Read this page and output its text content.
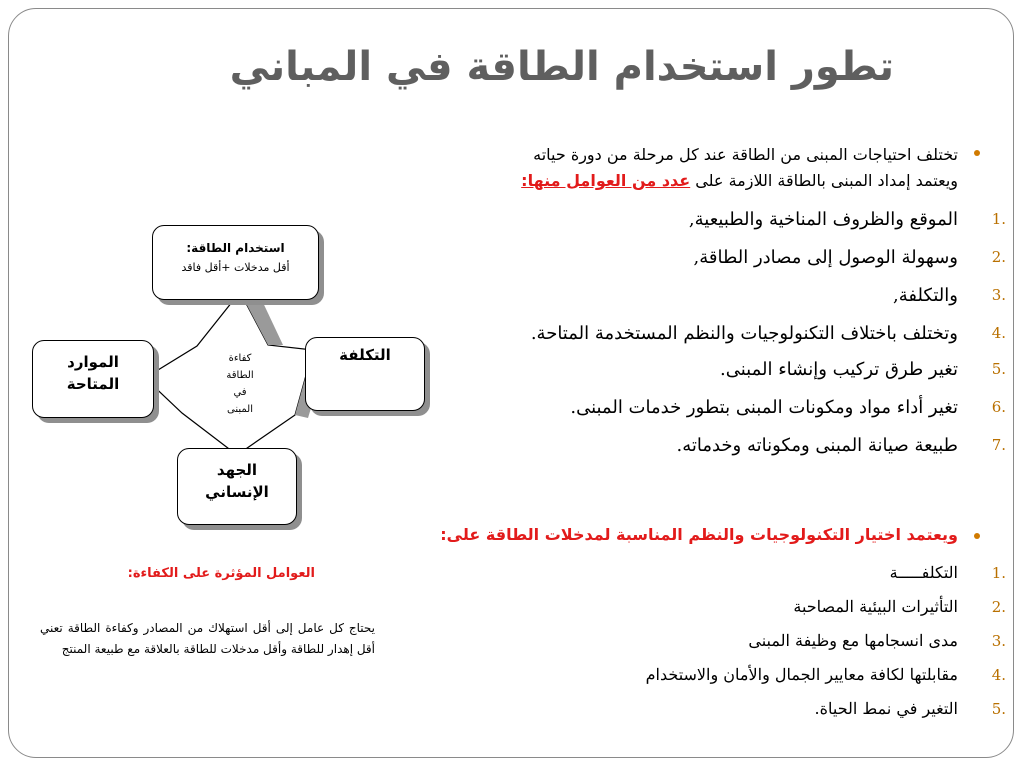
تطور استخدام الطاقة في المباني
تختلف احتياجات المبنى من الطاقة عند كل مرحلة من دورة حياته
ويعتمد إمداد المبنى بالطاقة اللازمة على عدد من العوامل منها:
1.
الموقع والظروف المناخية والطبيعية,
2.
وسهولة الوصول إلى مصادر الطاقة,
3.
والتكلفة,
4.
وتختلف باختلاف التكنولوجيات والنظم المستخدمة المتاحة.
5.
تغير طرق تركيب وإنشاء المبنى.
6.
تغير أداء مواد ومكونات المبنى بتطور خدمات المبنى.
7.
طبيعة صيانة المبنى ومكوناته وخدماته.
ويعتمد اختيار التكنولوجيات والنظم المناسبة لمدخلات الطاقة على:
1.
التكلفـــــة
2.
التأثيرات البيئية المصاحبة
3.
مدى انسجامها مع وظيفة المبنى
4.
مقابلتها لكافة معايير الجمال والأمان والاستخدام
5.
التغير في نمط الحياة.
كفاءة
الطاقة
في
المبنى
استخدام الطاقة:
أقل مدخلات +أقل فاقد
الموارد
المتاحة
التكلفة
الجهد
الإنساني
العوامل المؤثرة على الكفاءة:
يحتاج كل عامل إلى أقل استهلاك من المصادر وكفاءة الطاقة تعني أقل إهدار للطاقة وأقل مدخلات للطاقة بالعلاقة مع طبيعة المنتج
